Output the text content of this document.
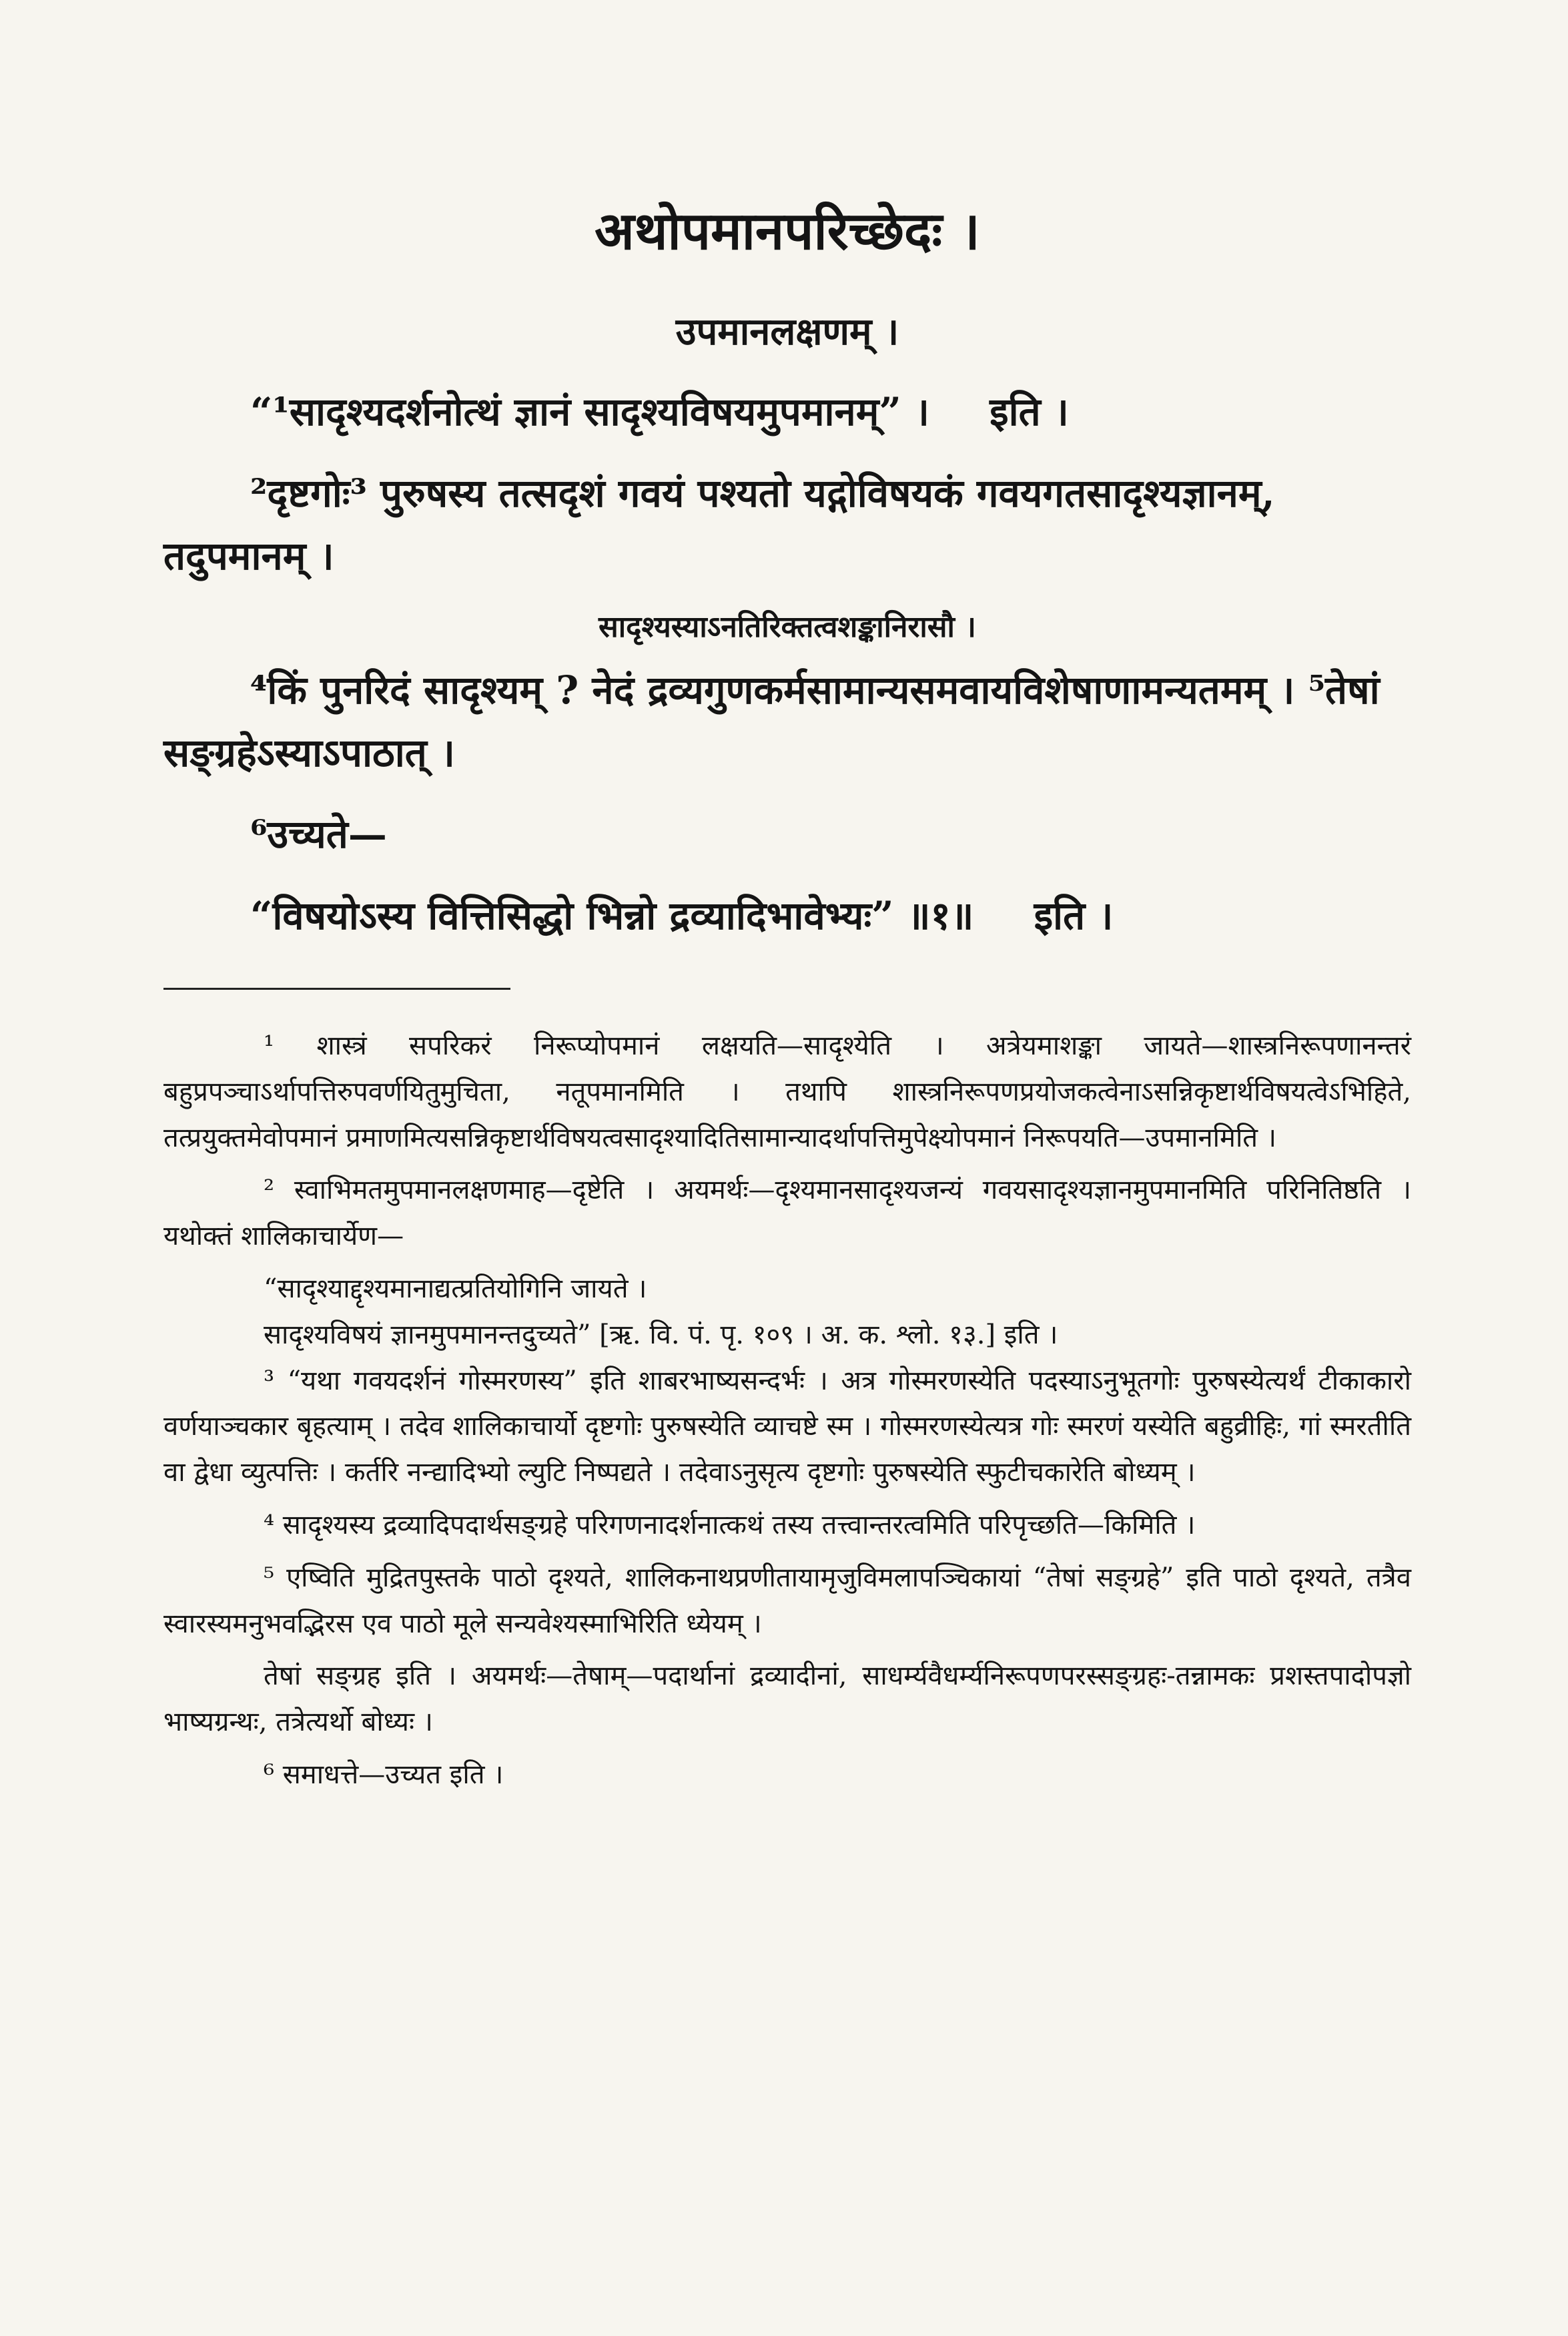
अथोपमानपरिच्छेदः ।
उपमानलक्षणम् ।

“¹सादृश्यदर्शनोत्थं ज्ञानं सादृश्यविषयमुपमानम्” । इति ।

²दृष्टगोः³ पुरुषस्य तत्सदृशं गवयं पश्यतो यद्गोविषयकं गवयगतसादृश्यज्ञानम्, तदुपमानम् ।

सादृश्यस्याऽनतिरिक्तत्वशङ्कानिरासौ ।

⁴किं पुनरिदं सादृश्यम् ? नेदं द्रव्यगुणकर्मसामान्यसमवायविशेषाणामन्यतमम् । ⁵तेषां सङ्ग्रहेऽस्याऽपाठात् ।

⁶उच्यते—

“विषयोऽस्य वित्तिसिद्धो भिन्नो द्रव्यादिभावेभ्यः” ॥१॥ इति ।

¹ शास्त्रं सपरिकरं निरूप्योपमानं लक्षयति—सादृश्येति । अत्रेयमाशङ्का जायते—शास्त्रनिरूपणानन्तरं बहुप्रपञ्चाऽर्थापत्तिरुपवर्णयितुमुचिता, नतूपमानमिति । तथापि शास्त्रनिरूपणप्रयोजकत्वेनाऽसन्निकृष्टार्थविषयत्वेऽभिहिते, तत्प्रयुक्तमेवोपमानं प्रमाणमित्यसन्निकृष्टार्थविषयत्वसादृश्यादितिसामान्यादर्थापत्तिमुपेक्ष्योपमानं निरूपयति—उपमानमिति ।

² स्वाभिमतमुपमानलक्षणमाह—दृष्टेति । अयमर्थः—दृश्यमानसादृश्यजन्यं गवयसादृश्यज्ञानमुपमानमिति परिनितिष्ठति । यथोक्तं शालिकाचार्येण—

“सादृश्याद्दृश्यमानाद्यत्प्रतियोगिनि जायते ।

सादृश्यविषयं ज्ञानमुपमानन्तदुच्यते” [ऋ. वि. पं. पृ. १०९ । अ. क. श्लो. १३.] इति ।

³ “यथा गवयदर्शनं गोस्मरणस्य” इति शाबरभाष्यसन्दर्भः । अत्र गोस्मरणस्येति पदस्याऽनुभूतगोः पुरुषस्येत्यर्थं टीकाकारो वर्णयाञ्चकार बृहत्याम् । तदेव शालिकाचार्यो दृष्टगोः पुरुषस्येति व्याचष्टे स्म । गोस्मरणस्येत्यत्र गोः स्मरणं यस्येति बहुव्रीहिः, गां स्मरतीति वा द्वेधा व्युत्पत्तिः । कर्तरि नन्द्यादिभ्यो ल्युटि निष्पद्यते । तदेवाऽनुसृत्य दृष्टगोः पुरुषस्येति स्फुटीचकारेति बोध्यम् ।

⁴ सादृश्यस्य द्रव्यादिपदार्थसङ्ग्रहे परिगणनादर्शनात्कथं तस्य तत्त्वान्तरत्वमिति परिपृच्छति—किमिति ।

⁵ एष्विति मुद्रितपुस्तके पाठो दृश्यते, शालिकनाथप्रणीतायामृजुविमलापञ्चिकायां “तेषां सङ्ग्रहे” इति पाठो दृश्यते, तत्रैव स्वारस्यमनुभवद्भिरस एव पाठो मूले सन्यवेश्यस्माभिरिति ध्येयम् ।

तेषां सङ्ग्रह इति । अयमर्थः—तेषाम्—पदार्थानां द्रव्यादीनां, साधर्म्यवैधर्म्यनिरूपणपरस्सङ्ग्रहः-तन्नामकः प्रशस्तपादोपज्ञो भाष्यग्रन्थः, तत्रेत्यर्थो बोध्यः ।

⁶ समाधत्ते—उच्यत इति ।
